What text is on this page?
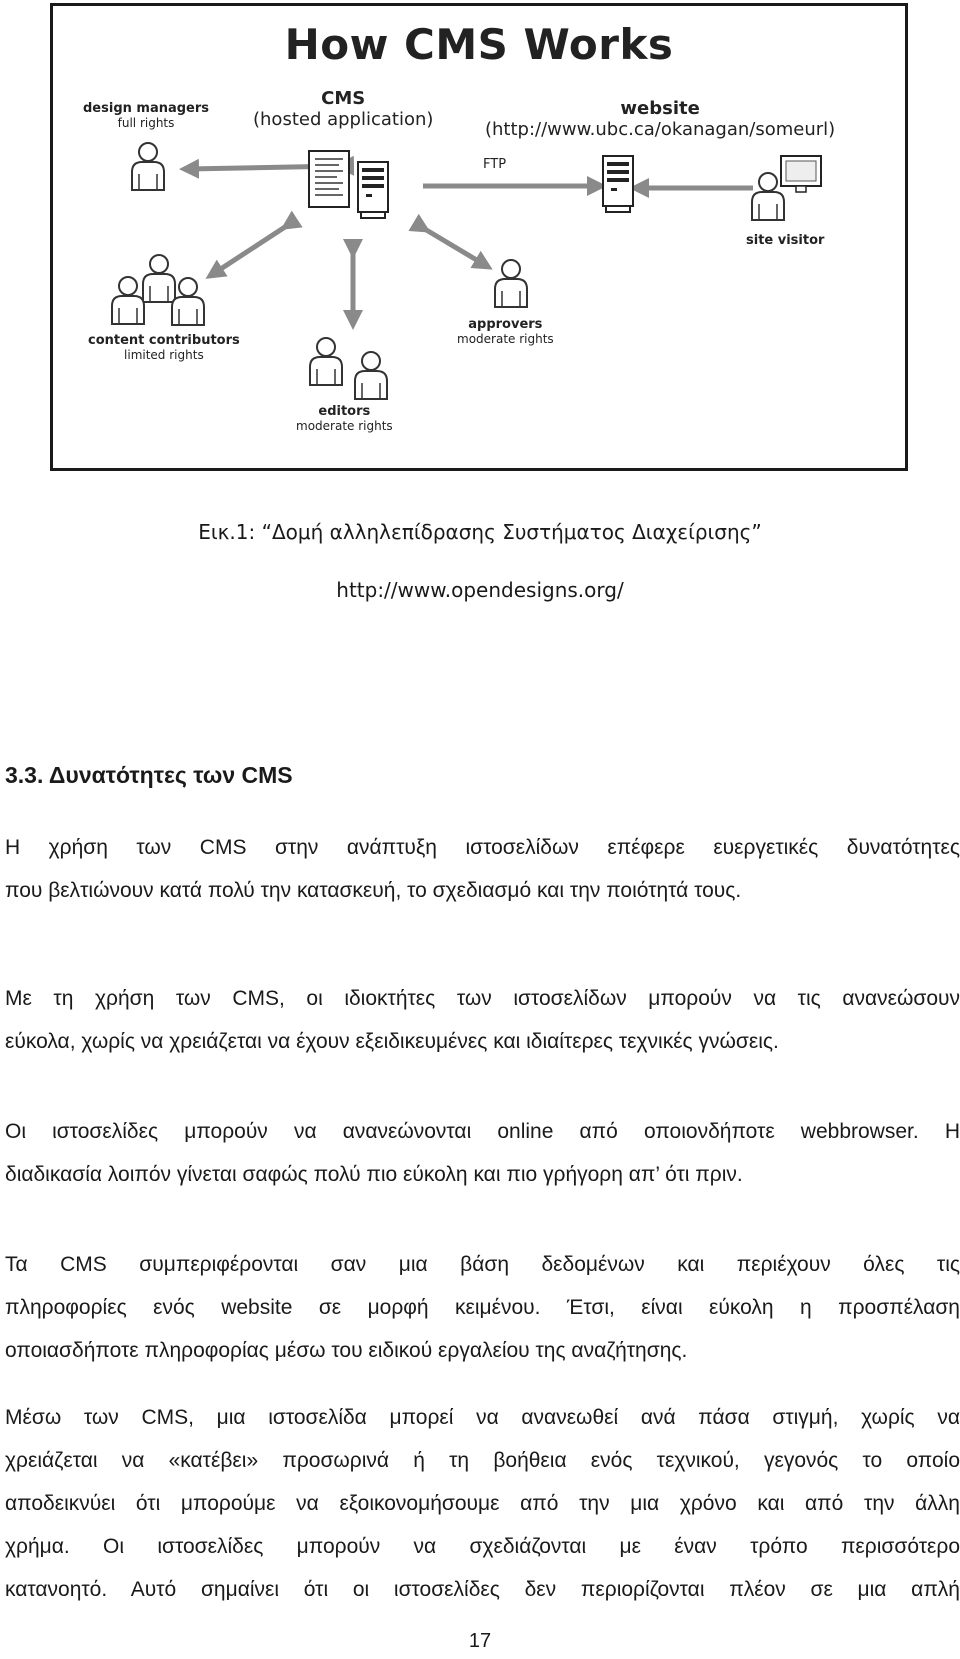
How CMS Works
design managers
full rights
CMS
(hosted application)
website
(http://www.ubc.ca/okanagan/someurl)
FTP
site visitor
content contributors
limited rights
approvers
moderate rights
editors
moderate rights
Εικ.1: “Δομή αλληλεπίδρασης Συστήματος Διαχείρισης”
http://www.opendesigns.org/
3.3. Δυνατότητες των CMS
Η χρήση των CMS στην ανάπτυξη ιστοσελίδων επέφερε ευεργετικές δυνατότητες
που βελτιώνουν κατά πολύ την κατασκευή, το σχεδιασμό και την ποιότητά τους.
Με τη χρήση των CMS, οι ιδιοκτήτες των ιστοσελίδων μπορούν να τις ανανεώσουν
εύκολα, χωρίς να χρειάζεται να έχουν εξειδικευμένες και ιδιαίτερες τεχνικές γνώσεις.
Οι ιστοσελίδες μπορούν να ανανεώνονται online από οποιονδήποτε webbrowser. Η
διαδικασία λοιπόν γίνεται σαφώς πολύ πιο εύκολη και πιο γρήγορη απ’ ότι πριν.
Τα CMS συμπεριφέρονται σαν μια βάση δεδομένων και περιέχουν όλες τις
πληροφορίες ενός website σε μορφή κειμένου. Έτσι, είναι εύκολη η προσπέλαση
οποιασδήποτε πληροφορίας μέσω του ειδικού εργαλείου της αναζήτησης.
Μέσω των CMS, μια ιστοσελίδα μπορεί να ανανεωθεί ανά πάσα στιγμή, χωρίς να
χρειάζεται να «κατέβει» προσωρινά ή τη βοήθεια ενός τεχνικού, γεγονός το οποίο
αποδεικνύει ότι μπορούμε να εξοικονομήσουμε από την μια χρόνο και από την άλλη
χρήμα. Οι ιστοσελίδες μπορούν να σχεδιάζονται με έναν τρόπο περισσότερο
κατανοητό. Αυτό σημαίνει ότι οι ιστοσελίδες δεν περιορίζονται πλέον σε μια απλή
17
